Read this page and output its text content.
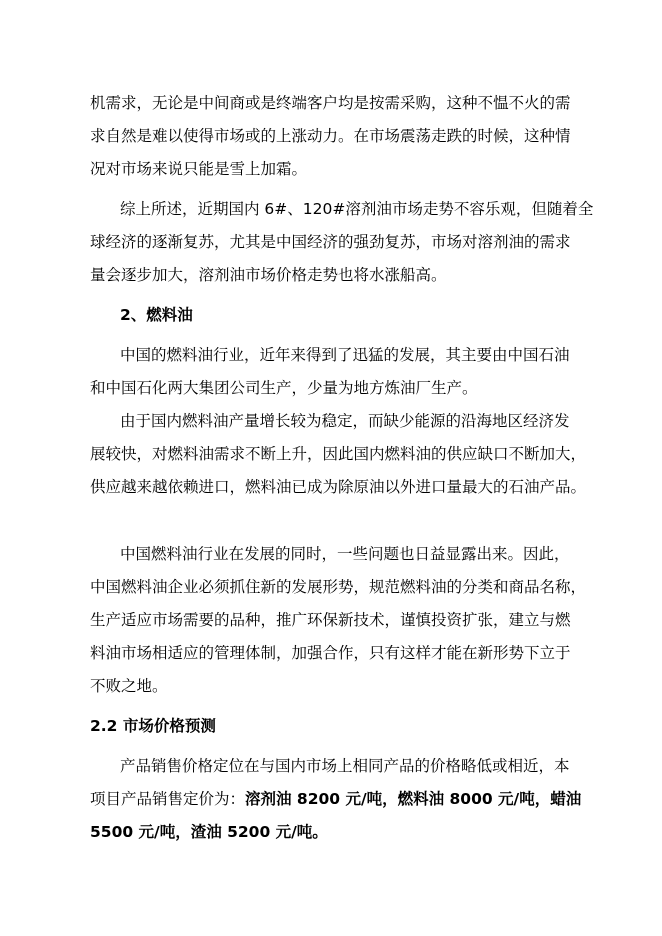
机需求，无论是中间商或是终端客户均是按需采购，这种不愠不火的需
求自然是难以使得市场或的上涨动力。在市场震荡走跌的时候，这种情
况对市场来说只能是雪上加霜。
综上所述，近期国内 6#、120#溶剂油市场走势不容乐观，但随着全
球经济的逐渐复苏，尤其是中国经济的强劲复苏，市场对溶剂油的需求
量会逐步加大，溶剂油市场价格走势也将水涨船高。
2、燃料油
中国的燃料油行业，近年来得到了迅猛的发展，其主要由中国石油
和中国石化两大集团公司生产，少量为地方炼油厂生产。
由于国内燃料油产量增长较为稳定，而缺少能源的沿海地区经济发
展较快，对燃料油需求不断上升，因此国内燃料油的供应缺口不断加大，
供应越来越依赖进口，燃料油已成为除原油以外进口量最大的石油产品。
中国燃料油行业在发展的同时，一些问题也日益显露出来。因此，
中国燃料油企业必须抓住新的发展形势，规范燃料油的分类和商品名称，
生产适应市场需要的品种，推广环保新技术，谨慎投资扩张，建立与燃
料油市场相适应的管理体制，加强合作，只有这样才能在新形势下立于
不败之地。
2.2 市场价格预测
产品销售价格定位在与国内市场上相同产品的价格略低或相近，本
项目产品销售定价为：溶剂油 8200 元/吨，燃料油 8000 元/吨，蜡油
5500 元/吨，渣油 5200 元/吨。
